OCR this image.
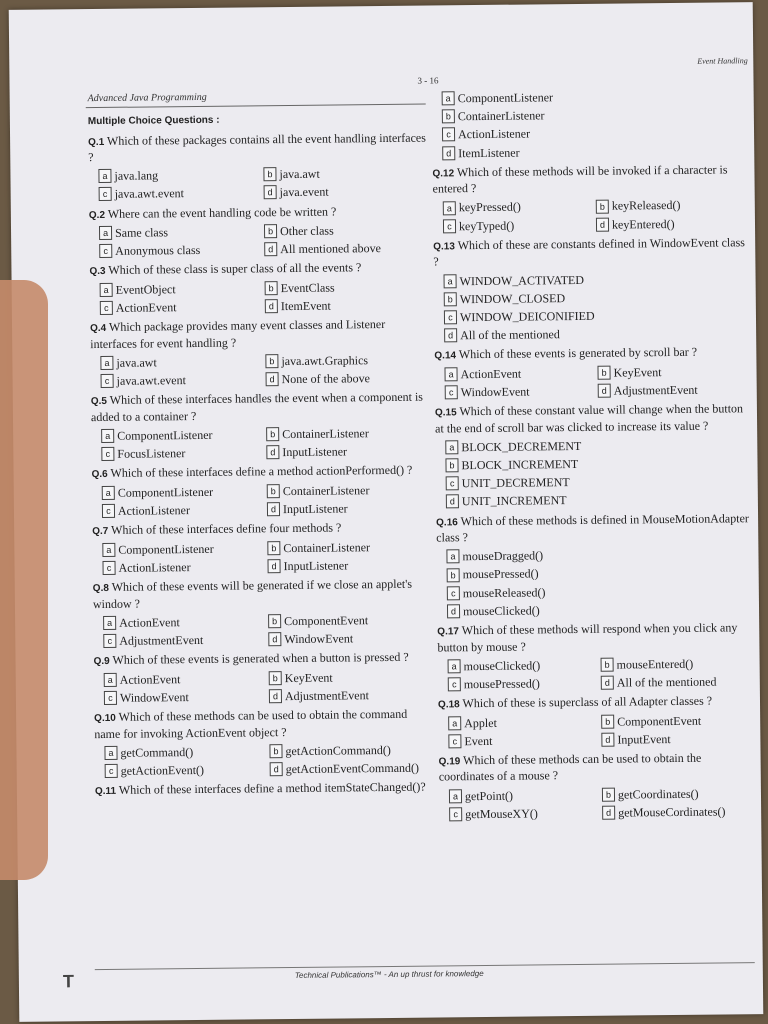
Advanced Java Programming
3 - 16
Event Handling
Multiple Choice Questions :
Q.1 Which of these packages contains all the event handling interfaces ?
a java.lang	b java.awt
c java.awt.event	d java.event
Q.2 Where can the event handling code be written ?
a Same class	b Other class
c Anonymous class	d All mentioned above
Q.3 Which of these class is super class of all the events ?
a EventObject	b EventClass
c ActionEvent	d ItemEvent
Q.4 Which package provides many event classes and Listener interfaces for event handling ?
a java.awt	b java.awt.Graphics
c java.awt.event	d None of the above
Q.5 Which of these interfaces handles the event when a component is added to a container ?
a ComponentListener	b ContainerListener
c FocusListener	d InputListener
Q.6 Which of these interfaces define a method actionPerformed() ?
a ComponentListener	b ContainerListener
c ActionListener	d InputListener
Q.7 Which of these interfaces define four methods ?
a ComponentListener	b ContainerListener
c ActionListener	d InputListener
Q.8 Which of these events will be generated if we close an applet's window ?
a ActionEvent	b ComponentEvent
c AdjustmentEvent	d WindowEvent
Q.9 Which of these events is generated when a button is pressed ?
a ActionEvent	b KeyEvent
c WindowEvent	d AdjustmentEvent
Q.10 Which of these methods can be used to obtain the command name for invoking ActionEvent object ?
a getCommand()	b getActionCommand()
c getActionEvent()	d getActionEventCommand()
Q.11 Which of these interfaces define a method itemStateChanged()?
a ComponentListener
b ContainerListener
c ActionListener
d ItemListener
Q.12 Which of these methods will be invoked if a character is entered ?
a keyPressed()	b keyReleased()
c keyTyped()	d keyEntered()
Q.13 Which of these are constants defined in WindowEvent class ?
a WINDOW_ACTIVATED
b WINDOW_CLOSED
c WINDOW_DEICONIFIED
d All of the mentioned
Q.14 Which of these events is generated by scroll bar ?
a ActionEvent	b KeyEvent
c WindowEvent	d AdjustmentEvent
Q.15 Which of these constant value will change when the button at the end of scroll bar was clicked to increase its value ?
a BLOCK_DECREMENT
b BLOCK_INCREMENT
c UNIT_DECREMENT
d UNIT_INCREMENT
Q.16 Which of these methods is defined in MouseMotionAdapter class ?
a mouseDragged()
b mousePressed()
c mouseReleased()
d mouseClicked()
Q.17 Which of these methods will respond when you click any button by mouse ?
a mouseClicked()	b mouseEntered()
c mousePressed()	d All of the mentioned
Q.18 Which of these is superclass of all Adapter classes ?
a Applet	b ComponentEvent
c Event	d InputEvent
Q.19 Which of these methods can be used to obtain the coordinates of a mouse ?
a getPoint()	b getCoordinates()
c getMouseXY()	d getMouseCordinates()
T	Technical Publications™ - An up thrust for knowledge
